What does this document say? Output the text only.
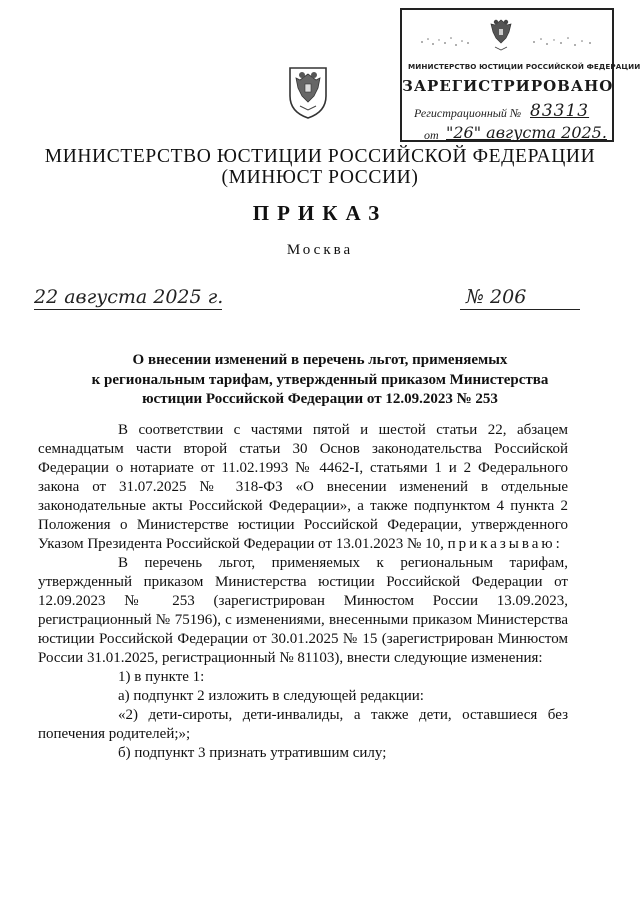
МИНИСТЕРСТВО ЮСТИЦИИ РОССИЙСКОЙ ФЕДЕРАЦИИ
ЗАРЕГИСТРИРОВАНО
Регистрационный № 83313
от "26" августа 2025.
МИНИСТЕРСТВО ЮСТИЦИИ РОССИЙСКОЙ ФЕДЕРАЦИИ
(МИНЮСТ РОССИИ)
ПРИКАЗ
Москва
22 августа 2025 г.	№ 206
О внесении изменений в перечень льгот, применяемых
к региональным тарифам, утвержденный приказом Министерства
юстиции Российской Федерации от 12.09.2023 № 253

В соответствии с частями пятой и шестой статьи 22, абзацем семнадцатым части второй статьи 30 Основ законодательства Российской Федерации о нотариате от 11.02.1993 № 4462-I, статьями 1 и 2 Федерального закона от 31.07.2025 № 318-ФЗ «О внесении изменений в отдельные законодательные акты Российской Федерации», а также подпунктом 4 пункта 2 Положения о Министерстве юстиции Российской Федерации, утвержденного Указом Президента Российской Федерации от 13.01.2023 № 10, приказываю:

В перечень льгот, применяемых к региональным тарифам, утвержденный приказом Министерства юстиции Российской Федерации от 12.09.2023 № 253 (зарегистрирован Минюстом России 13.09.2023, регистрационный № 75196), с изменениями, внесенными приказом Министерства юстиции Российской Федерации от 30.01.2025 № 15 (зарегистрирован Минюстом России 31.01.2025, регистрационный № 81103), внести следующие изменения:

1) в пункте 1:

а) подпункт 2 изложить в следующей редакции:

«2) дети-сироты, дети-инвалиды, а также дети, оставшиеся без попечения родителей;»;

б) подпункт 3 признать утратившим силу;
